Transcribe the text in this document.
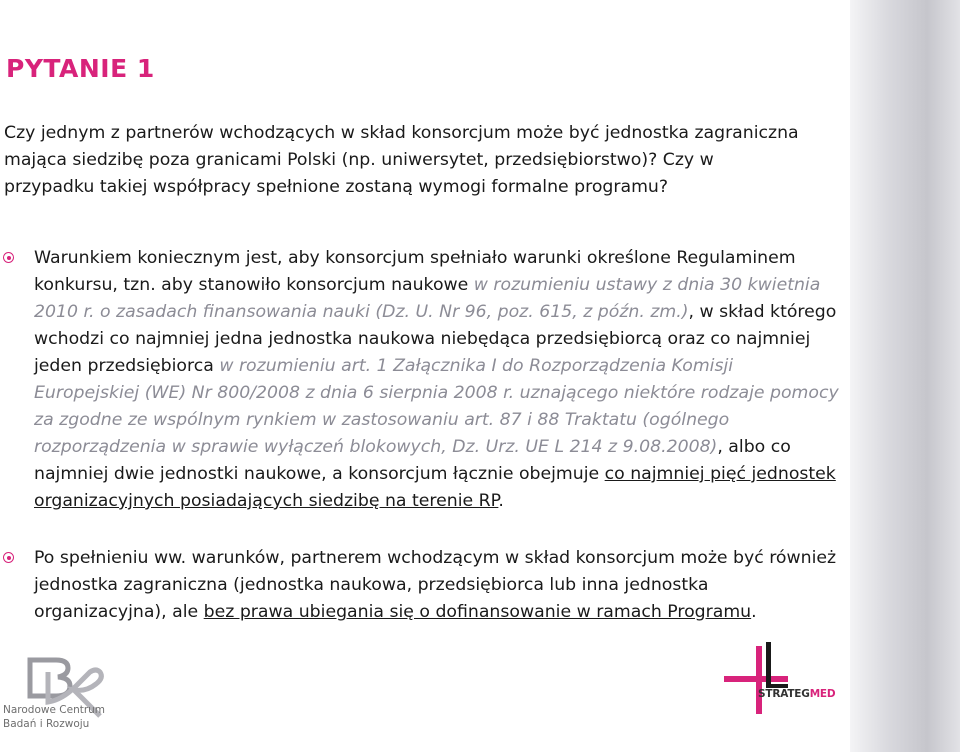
PYTANIE 1

Czy jednym z partnerów wchodzących w skład konsorcjum może być jednostka zagraniczna mająca siedzibę poza granicami Polski (np. uniwersytet, przedsiębiorstwo)? Czy w przypadku takiej współpracy spełnione zostaną wymogi formalne programu?

Warunkiem koniecznym jest, aby konsorcjum spełniało warunki określone Regulaminem konkursu, tzn. aby stanowiło konsorcjum naukowe w rozumieniu ustawy z dnia 30 kwietnia 2010 r. o zasadach finansowania nauki (Dz. U. Nr 96, poz. 615, z późn. zm.), w skład którego wchodzi co najmniej jedna jednostka naukowa niebędąca przedsiębiorcą oraz co najmniej jeden przedsiębiorca w rozumieniu art. 1 Załącznika I do Rozporządzenia Komisji Europejskiej (WE) Nr 800/2008 z dnia 6 sierpnia 2008 r. uznającego niektóre rodzaje pomocy za zgodne ze wspólnym rynkiem w zastosowaniu art. 87 i 88 Traktatu (ogólnego rozporządzenia w sprawie wyłączeń blokowych, Dz. Urz. UE L 214 z 9.08.2008), albo co najmniej dwie jednostki naukowe, a konsorcjum łącznie obejmuje co najmniej pięć jednostek organizacyjnych posiadających siedzibę na terenie RP.
Po spełnieniu ww. warunków, partnerem wchodzącym w skład konsorcjum może być również jednostka zagraniczna (jednostka naukowa, przedsiębiorca lub inna jednostka organizacyjna), ale bez prawa ubiegania się o dofinansowanie w ramach Programu.
Narodowe Centrum
Badań i Rozwoju
STRATEGMED
